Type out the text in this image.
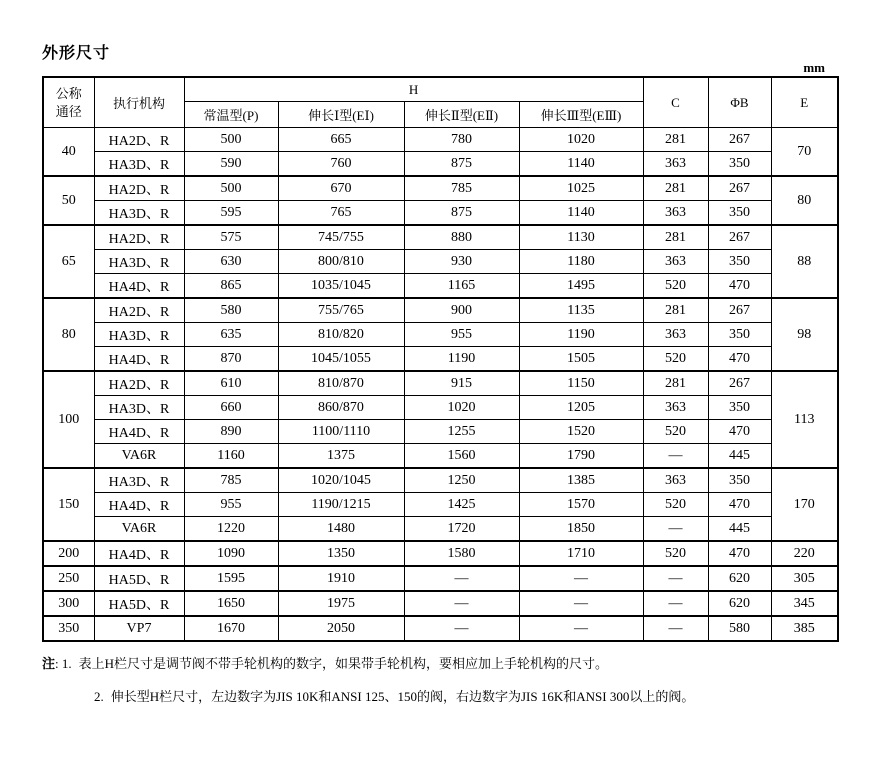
外形尺寸
mm
公称
通径	执行机构	H				C	ΦB	E
		常温型(P)	伸长Ⅰ型(EⅠ)	伸长Ⅱ型(EⅡ)	伸长Ⅲ型(EⅢ)			
40	HA2D、R	500	665	780	1020	281	267	70
	HA3D、R	590	760	875	1140	363	350	
50	HA2D、R	500	670	785	1025	281	267	80
	HA3D、R	595	765	875	1140	363	350	
65	HA2D、R	575	745/755	880	1130	281	267	88
	HA3D、R	630	800/810	930	1180	363	350	
	HA4D、R	865	1035/1045	1165	1495	520	470	
80	HA2D、R	580	755/765	900	1135	281	267	98
	HA3D、R	635	810/820	955	1190	363	350	
	HA4D、R	870	1045/1055	1190	1505	520	470	
100	HA2D、R	610	810/870	915	1150	281	267	113
	HA3D、R	660	860/870	1020	1205	363	350	
	HA4D、R	890	1100/1110	1255	1520	520	470	
	VA6R	1160	1375	1560	1790	—	445	
150	HA3D、R	785	1020/1045	1250	1385	363	350	170
	HA4D、R	955	1190/1215	1425	1570	520	470	
	VA6R	1220	1480	1720	1850	—	445	
200	HA4D、R	1090	1350	1580	1710	520	470	220
250	HA5D、R	1595	1910	—	—	—	620	305
300	HA5D、R	1650	1975	—	—	—	620	345
350	VP7	1670	2050	—	—	—	580	385
注: 1. 表上H栏尺寸是调节阀不带手轮机构的数字，如果带手轮机构，要相应加上手轮机构的尺寸。
2. 伸长型H栏尺寸，左边数字为JIS 10K和ANSI 125、150的阀，右边数字为JIS 16K和ANSI 300以上的阀。
